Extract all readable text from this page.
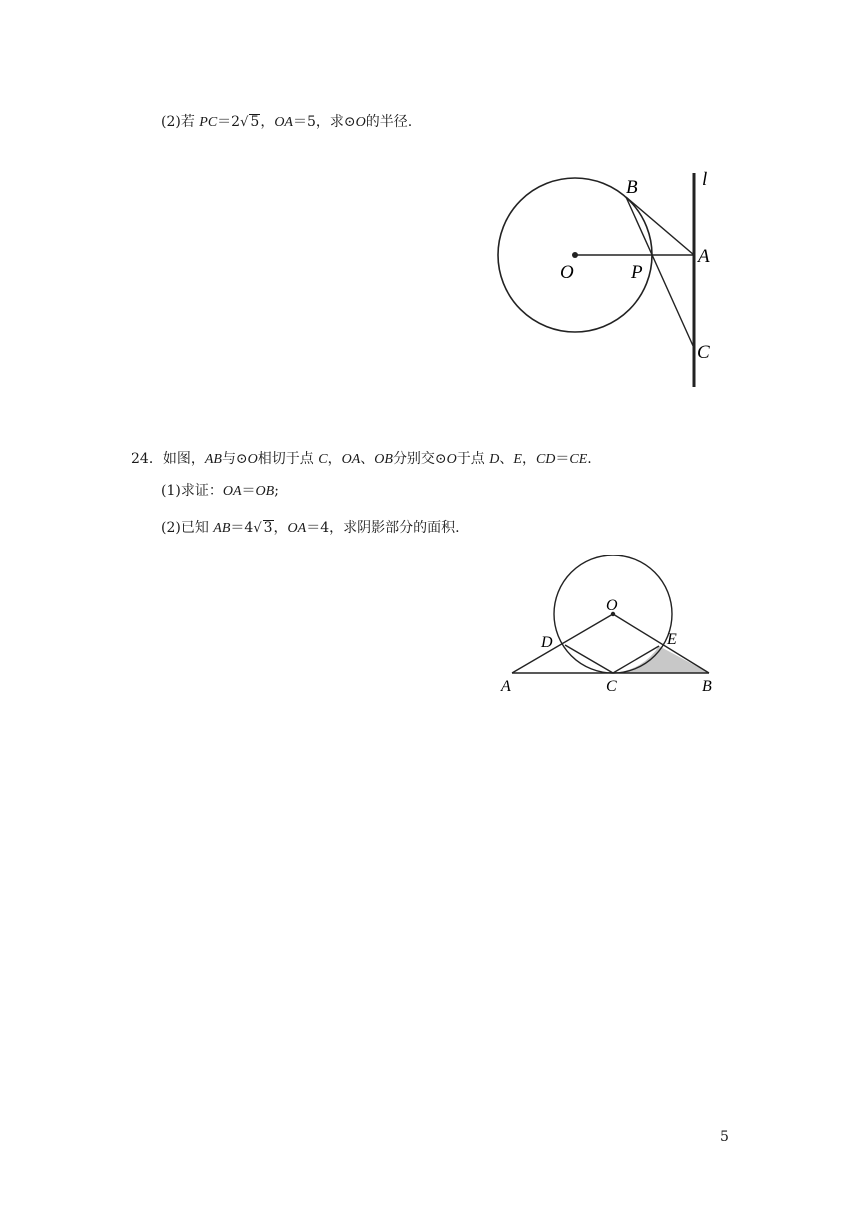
(2)若 PC＝2√ 5，OA＝5，求⊙O的半径.
B	l
O	P
A
C
24．如图，AB与⊙O相切于点 C，OA、OB分别交⊙O于点 D、E，CD＝CE.
(1)求证：OA＝OB;
(2)已知 AB＝4√ 3，OA＝4，求阴影部分的面积.
O
D	E
A	C	B
5
